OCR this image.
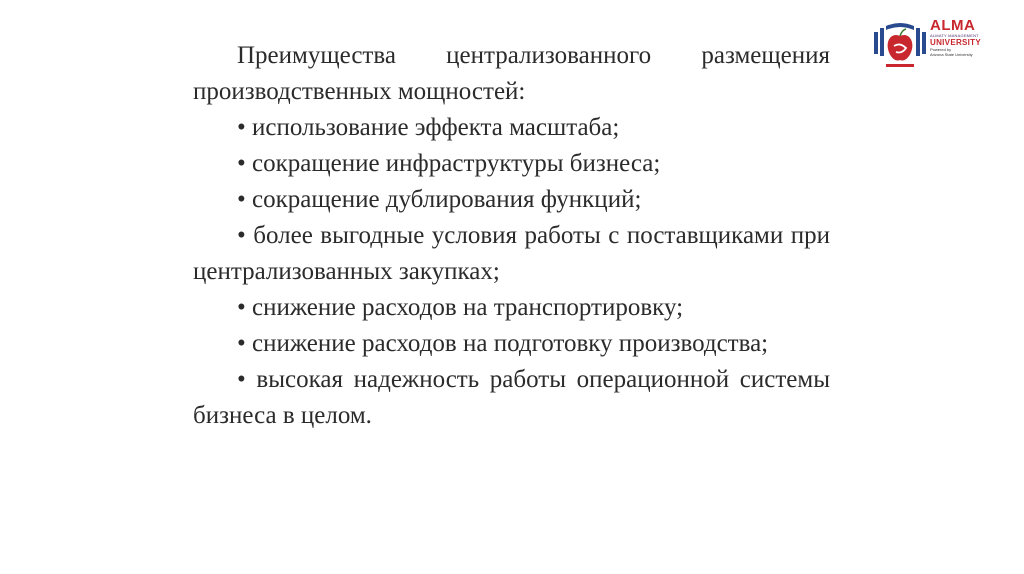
ALMA
ALMATY MANAGEMENT
UNIVERSITY
Powered by
Arizona State University

Преимущества централизованного размещения производственных мощностей:

• использование эффекта масштаба;

• сокращение инфраструктуры бизнеса;

• сокращение дублирования функций;

• более выгодные условия работы с поставщиками при централизованных закупках;

• снижение расходов на транспортировку;

• снижение расходов на подготовку производства;

• высокая надежность работы операционной системы бизнеса в целом.
